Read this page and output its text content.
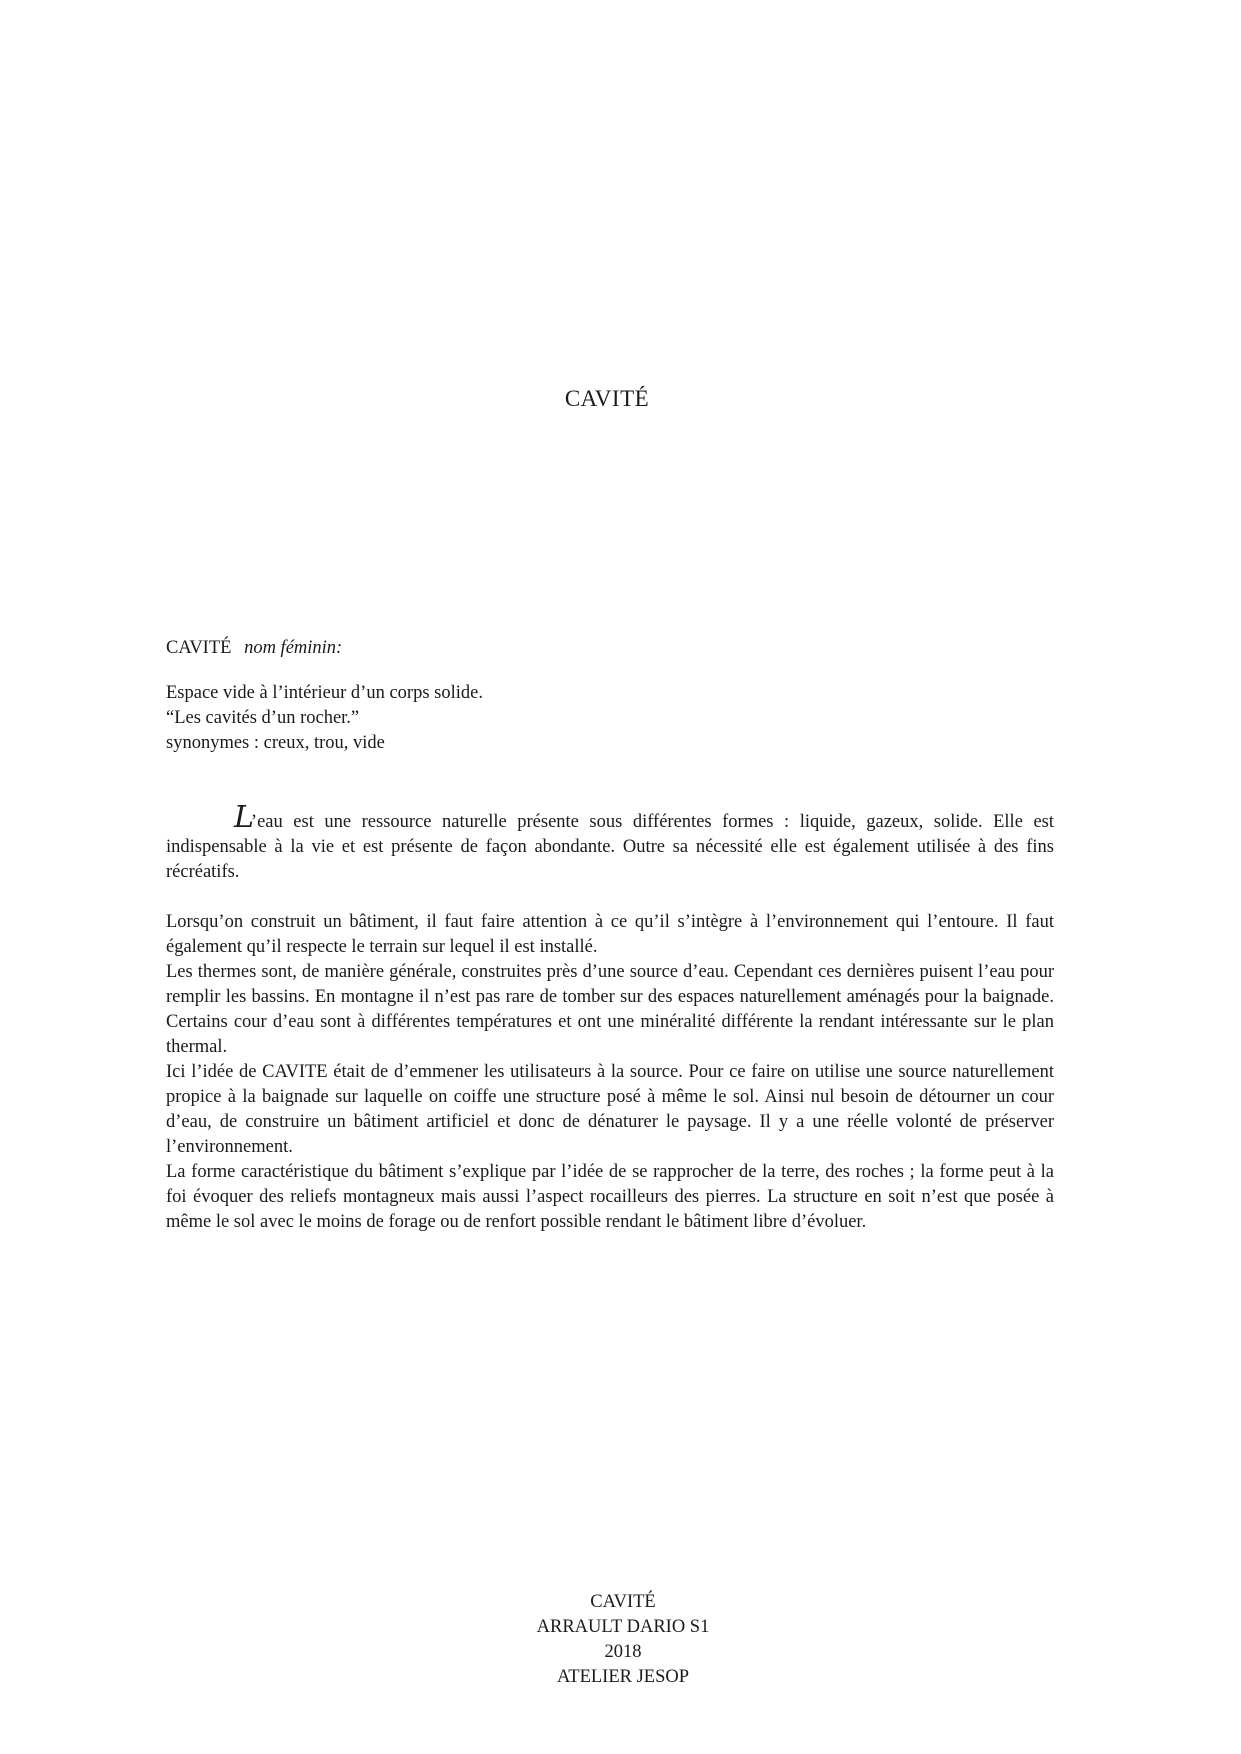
CAVITÉ

CAVITÉ nom féminin:

Espace vide à l’intérieur d’un corps solide.

“Les cavités d’un rocher.”

synonymes : creux, trou, vide

L’eau est une ressource naturelle présente sous différentes formes : liquide, gazeux, solide. Elle est indispensable à la vie et est présente de façon abondante. Outre sa nécessité elle est également utilisée à des fins récréatifs.

Lorsqu’on construit un bâtiment, il faut faire attention à ce qu’il s’intègre à l’environnement qui l’entoure. Il faut également qu’il respecte le terrain sur lequel il est installé.

Les thermes sont, de manière générale, construites près d’une source d’eau. Cependant ces dernières puisent l’eau pour remplir les bassins. En montagne il n’est pas rare de tomber sur des espaces naturellement aménagés pour la baignade. Certains cour d’eau sont à différentes températures et ont une minéralité différente la rendant intéressante sur le plan thermal.

Ici l’idée de CAVITE était de d’emmener les utilisateurs à la source. Pour ce faire on utilise une source naturellement propice à la baignade sur laquelle on coiffe une structure posé à même le sol. Ainsi nul besoin de détourner un cour d’eau, de construire un bâtiment artificiel et donc de dénaturer le paysage. Il y a une réelle volonté de préserver l’environnement.

La forme caractéristique du bâtiment s’explique par l’idée de se rapprocher de la terre, des roches ; la forme peut à la foi évoquer des reliefs montagneux mais aussi l’aspect rocailleurs des pierres. La structure en soit n’est que posée à même le sol avec le moins de forage ou de renfort possible rendant le bâtiment libre d’évoluer.

CAVITÉ
ARRAULT DARIO S1
2018
ATELIER JESOP
